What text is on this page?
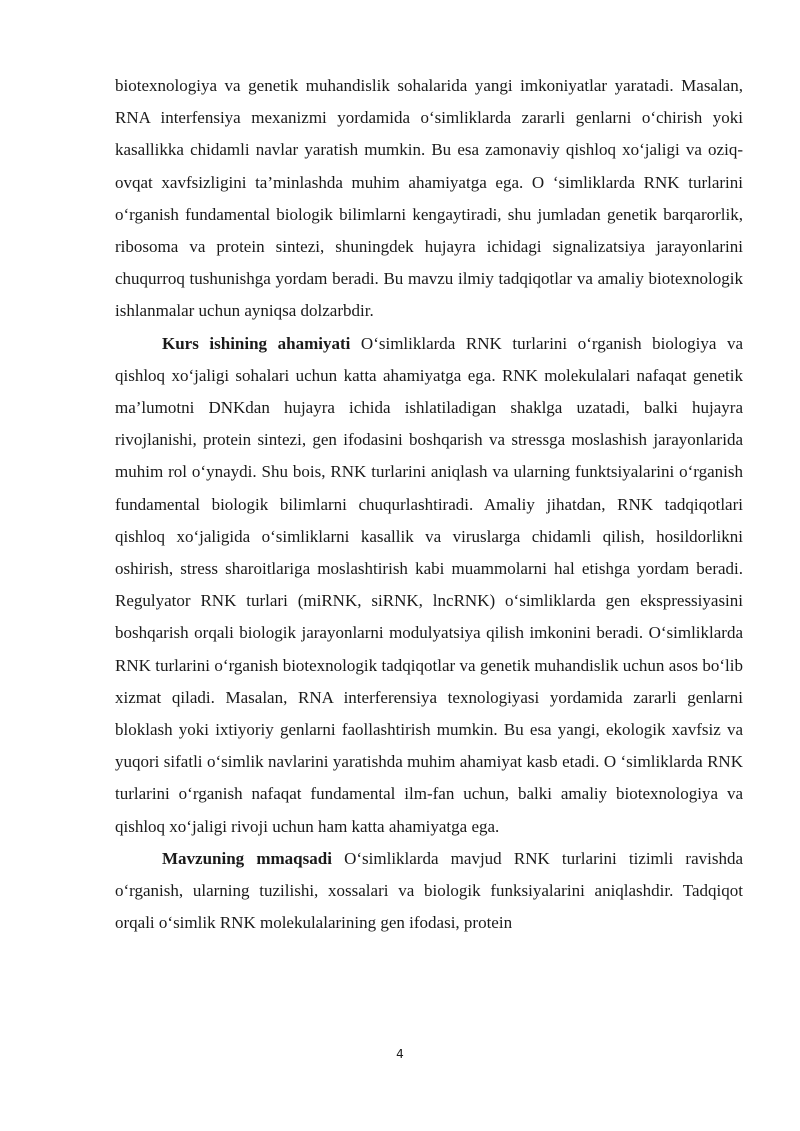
biotexnologiya va genetik muhandislik sohalarida yangi imkoniyatlar yaratadi. Masalan, RNA interfensiya mexanizmi yordamida o‘simliklarda zararli genlarni o‘chirish yoki kasallikka chidamli navlar yaratish mumkin. Bu esa zamonaviy qishloq xo‘jaligi va oziq-ovqat xavfsizligini ta’minlashda muhim ahamiyatga ega. O ‘simliklarda RNK turlarini o‘rganish fundamental biologik bilimlarni kengaytiradi, shu jumladan genetik barqarorlik, ribosoma va protein sintezi, shuningdek hujayra ichidagi signalizatsiya jarayonlarini chuqurroq tushunishga yordam beradi. Bu mavzu ilmiy tadqiqotlar va amaliy biotexnologik ishlanmalar uchun ayniqsa dolzarbdir.

Kurs ishining ahamiyati O‘simliklarda RNK turlarini o‘rganish biologiya va qishloq xo‘jaligi sohalari uchun katta ahamiyatga ega. RNK molekulalari nafaqat genetik ma’lumotni DNKdan hujayra ichida ishlatiladigan shaklga uzatadi, balki hujayra rivojlanishi, protein sintezi, gen ifodasini boshqarish va stressga moslashish jarayonlarida muhim rol o‘ynaydi. Shu bois, RNK turlarini aniqlash va ularning funktsiyalarini o‘rganish fundamental biologik bilimlarni chuqurlashtiradi. Amaliy jihatdan, RNK tadqiqotlari qishloq xo‘jaligida o‘simliklarni kasallik va viruslarga chidamli qilish, hosildorlikni oshirish, stress sharoitlariga moslashtirish kabi muammolarni hal etishga yordam beradi. Regulyator RNK turlari (miRNK, siRNK, lncRNK) o‘simliklarda gen ekspressiyasini boshqarish orqali biologik jarayonlarni modulyatsiya qilish imkonini beradi. O‘simliklarda RNK turlarini o‘rganish biotexnologik tadqiqotlar va genetik muhandislik uchun asos bo‘lib xizmat qiladi. Masalan, RNA interferensiya texnologiyasi yordamida zararli genlarni bloklash yoki ixtiyoriy genlarni faollashtirish mumkin. Bu esa yangi, ekologik xavfsiz va yuqori sifatli o‘simlik navlarini yaratishda muhim ahamiyat kasb etadi. O ‘simliklarda RNK turlarini o‘rganish nafaqat fundamental ilm-fan uchun, balki amaliy biotexnologiya va qishloq xo‘jaligi rivoji uchun ham katta ahamiyatga ega.

Mavzuning mmaqsadi O‘simliklarda mavjud RNK turlarini tizimli ravishda o‘rganish, ularning tuzilishi, xossalari va biologik funksiyalarini aniqlashdir. Tadqiqot orqali o‘simlik RNK molekulalarining gen ifodasi, protein

4
